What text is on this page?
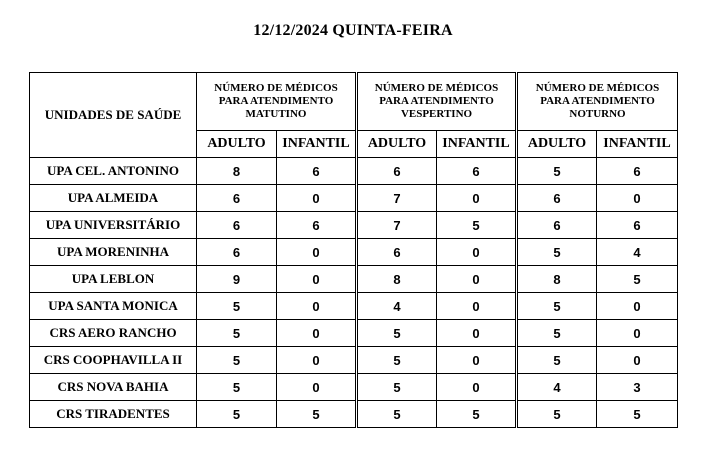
12/12/2024 QUINTA-FEIRA
UNIDADES DE SAÚDE	NÚMERO DE MÉDICOS PARA ATENDIMENTO MATUTINO		NÚMERO DE MÉDICOS PARA ATENDIMENTO VESPERTINO		NÚMERO DE MÉDICOS PARA ATENDIMENTO NOTURNO	
	ADULTO	INFANTIL	ADULTO	INFANTIL	ADULTO	INFANTIL
UPA CEL. ANTONINO	8	6	6	6	5	6
UPA ALMEIDA	6	0	7	0	6	0
UPA UNIVERSITÁRIO	6	6	7	5	6	6
UPA MORENINHA	6	0	6	0	5	4
UPA LEBLON	9	0	8	0	8	5
UPA SANTA MONICA	5	0	4	0	5	0
CRS AERO RANCHO	5	0	5	0	5	0
CRS COOPHAVILLA II	5	0	5	0	5	0
CRS NOVA BAHIA	5	0	5	0	4	3
CRS TIRADENTES	5	5	5	5	5	5
